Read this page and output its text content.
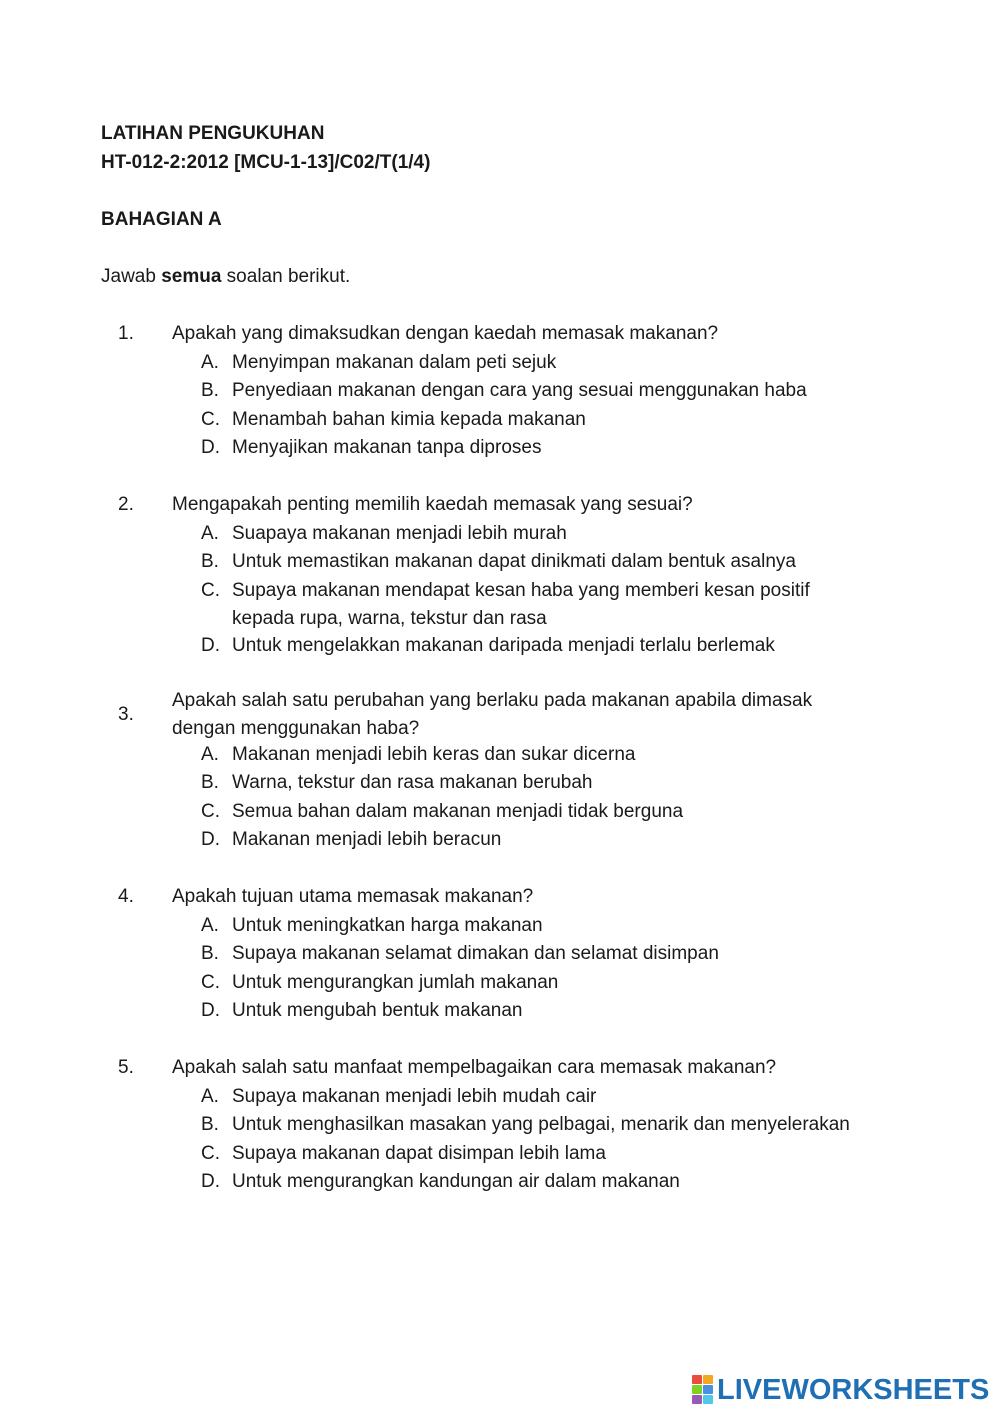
LATIHAN PENGUKUHAN
HT-012-2:2012 [MCU-1-13]/C02/T(1/4)
BAHAGIAN A
Jawab semua soalan berikut.
1. Apakah yang dimaksudkan dengan kaedah memasak makanan?
A. Menyimpan makanan dalam peti sejuk
B. Penyediaan makanan dengan cara yang sesuai menggunakan haba
C. Menambah bahan kimia kepada makanan
D. Menyajikan makanan tanpa diproses
2. Mengapakah penting memilih kaedah memasak yang sesuai?
A. Suapaya makanan menjadi lebih murah
B. Untuk memastikan makanan dapat dinikmati dalam bentuk asalnya
C. Supaya makanan mendapat kesan haba yang memberi kesan positif kepada rupa, warna, tekstur dan rasa
D. Untuk mengelakkan makanan daripada menjadi terlalu berlemak
3.
Apakah salah satu perubahan yang berlaku pada makanan apabila dimasak dengan menggunakan haba?
A. Makanan menjadi lebih keras dan sukar dicerna
B. Warna, tekstur dan rasa makanan berubah
C. Semua bahan dalam makanan menjadi tidak berguna
D. Makanan menjadi lebih beracun
4. Apakah tujuan utama memasak makanan?
A. Untuk meningkatkan harga makanan
B. Supaya makanan selamat dimakan dan selamat disimpan
C. Untuk mengurangkan jumlah makanan
D. Untuk mengubah bentuk makanan
5. Apakah salah satu manfaat mempelbagaikan cara memasak makanan?
A. Supaya makanan menjadi lebih mudah cair
B. Untuk menghasilkan masakan yang pelbagai, menarik dan menyelerakan
C. Supaya makanan dapat disimpan lebih lama
D. Untuk mengurangkan kandungan air dalam makanan
LIVEWORKSHEETS
